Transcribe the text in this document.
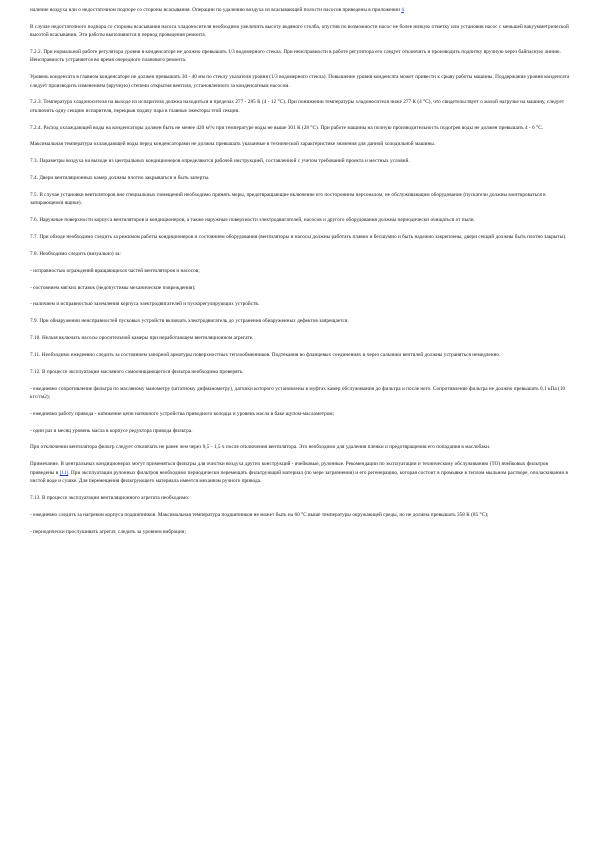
наличие воздуха или о недостаточном подпоре со стороны всасывания. Операции по удалению воздуха из всасывающей полости насосов приведены в приложении 4.

В случае недостаточного подпора со стороны всасывания насоса хладоносителя необходимо увеличить высоту водяного столба, опустив по возможности насос не более низкую отметку или установив насос с меньшей вакуумметрической высотой всасывания. Эти работы выполняются в период проведения ремонта.

7.2.2. При нормальной работе регулятора уровня в конденсаторе не должно превышать 1/3 водомерного стекла. При неисправности в работе регулятора его следует отключить и производить подпитку вручную через байпасную линию. Неисправность устраняется во время очередного планового ремонта.

Уровень конденсата в главном конденсаторе не должен превышать 30 - 40 мм по стеклу указателя уровня (1/3 водомерного стекла). Повышение уровня конденсата может привести к срыву работы машины. Поддержание уровня конденсата следует производить изменением (вручную) степени открытия вентиля, установленного за конденсатным насосом.

7.2.3. Температура хладоносителя на выходе из испарителя должна находиться в пределах 277 - 285 К (4 - 12 °С). При понижении температуры хладоносителя ниже 277 К (4 °С), что свидетельствует о малой нагрузке на машину, следует отключить одну секцию испарителя, перекрыв подачу пара в главные эжекторы этой секции.

7.2.4. Расход охлаждающей воды на конденсаторы должен быть не менее 420 м³/ч при температуре воды не выше 301 К (28 °С). При работе машины на полную производительность подогрев воды не должен превышать 4 - 6 °С.

Максимальная температура охлаждающей воды перед конденсаторами не должна превышать указанные в технической характеристике значения для данной холодильной машины.

7.3. Параметры воздуха на выходе из центральных кондиционеров определяются рабочей инструкцией, составленной с учетом требований проекта и местных условий.

7.4. Двери вентиляционных камер должны плотно закрываться и быть заперты.

7.5. В случае установки вентиляторов вне специальных помещений необходимо принять меры, предотвращающие включение его посторонним персоналом, не обслуживающим оборудование (пускатели должны монтироваться в запирающемся ящике).

7.6. Наружные поверхности корпуса вентиляторов и кондиционеров, а также наружные поверхности электродвигателей, насосов и другого оборудования должны периодически очищаться от пыли.

7.7. При обходе необходимо следить за режимом работы кондиционеров и состоянием оборудования (вентиляторы и насосы должны работать плавно и бесшумно и быть надежно закреплены, двери секций должны быть плотно закрыты).

7.8. Необходимо следить (визуально) за:

- исправностью ограждений вращающихся частей вентиляторов и насосов;

- состоянием мягких вставок (недопустимы механические повреждения);

- наличием и исправностью заземления корпуса электродвигателей и пускорегулирующих устройств.

7.9. При обнаружении неисправностей пусковых устройств включать электродвигатель до устранения обнаруженных дефектов запрещается.

7.10. Нельзя включать насосы оросительной камеры при неработающем вентиляционном агрегате.

7.11. Необходимо ежедневно следить за состоянием запорной арматуры поверхностных теплообменников. Подтекания во фланцевых соединениях и через сальники вентилей должны устраняться немедленно.

7.12. В процессе эксплуатации масляного самоочищающегося фильтра необходимо проверять:

- ежедневно сопротивление фильтра по масляному манометру (штатному дифманометру), датчики которого установлены в муфтах камер обслуживания до фильтра и после него. Сопротивление фильтра не должно превышать 0,1 кПа (10 кгс/см2);

- ежедневно работу привода - натяжение цепи натяжного устройства приводного колодца и уровень масла в баке щупом-маслометром;

- один раз в месяц уровень масла в корпусе редуктора привода фильтра.

При отключении вентилятора фильтр следует отключать не ранее чем через 0,5 - 1,5 ч после отключения вентилятора. Это необходимо для удаления пленки и предотвращения его попадания в маслобаки.

Примечание. В центральных кондиционерах могут применяться фильтры для очистки воздуха других конструкций - ячейковые, рулонные. Рекомендации по эксплуатации и техническому обслуживанию (ТО) ячейковых фильтров приведены в [11]. При эксплуатации рулонных фильтров необходимо периодически перемещать фильтрующий материал (по мере загрязнения) и его регенерацию, которая состоит в промывке в теплом мыльном растворе, ополаскивании в чистой воде и сушке. Для перемещения фильтрующего материала имеется механизм ручного привода.

7.13. В процессе эксплуатации вентиляционного агрегата необходимо:

- ежедневно следить за нагревом корпуса подшипников. Максимальная температура подшипников не может быть на 60 °С выше температуры окружающей среды, но не должна превышать 358 К (85 °С);

- периодически прослушивать агрегат, следить за уровнем вибрации;
